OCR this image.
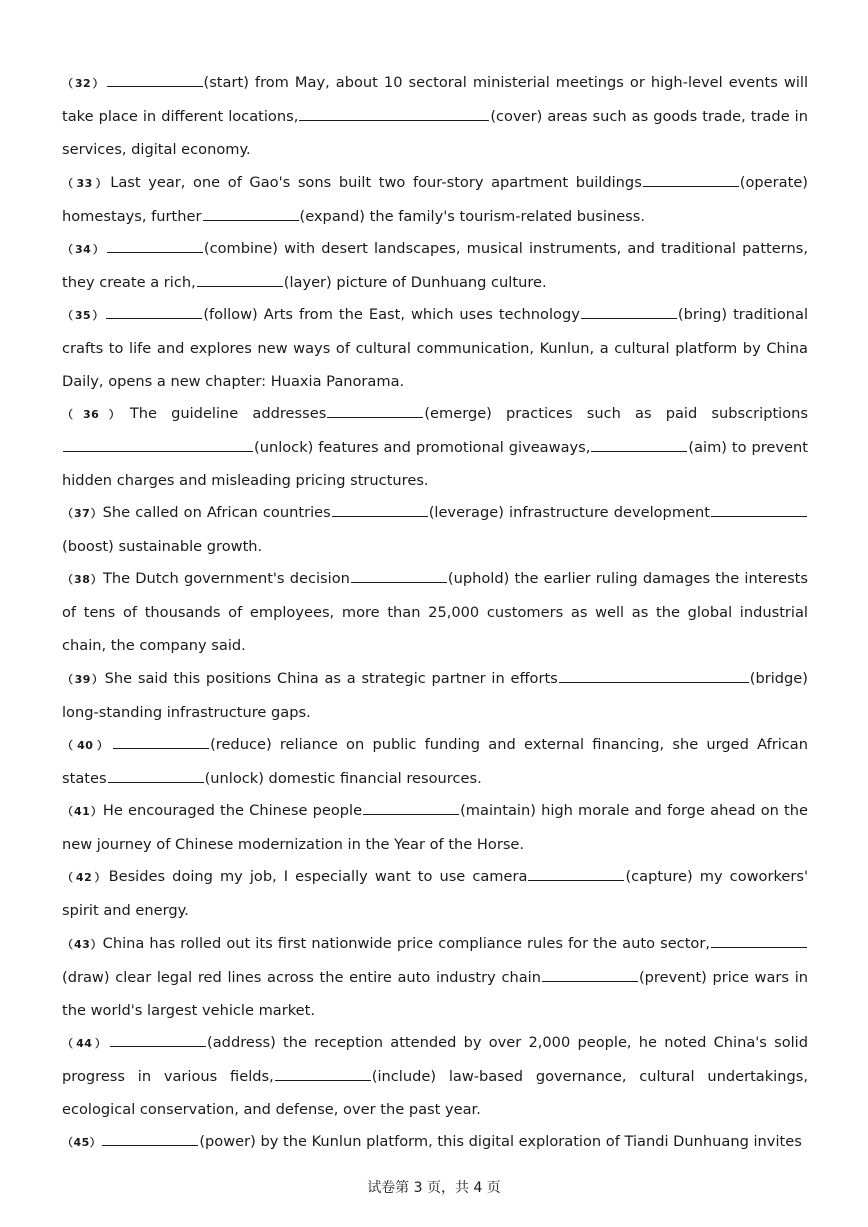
（32）	(start) from May, about 10 sectoral ministerial meetings or high-level events will take place in different locations,	(cover) areas such as goods trade, trade in services, digital economy.
（33）Last year, one of Gao's sons built two four-story apartment buildings	(operate) homestays, further	(expand) the family's tourism-related business.
（34）	(combine) with desert landscapes, musical instruments, and traditional patterns, they create a rich,	(layer) picture of Dunhuang culture.
（35）	(follow) Arts from the East, which uses technology	(bring) traditional crafts to life and explores new ways of cultural communication, Kunlun, a cultural platform by China Daily, opens a new chapter: Huaxia Panorama.
（36）The guideline addresses	(emerge) practices such as paid subscriptions(unlock) features and promotional giveaways,	(aim) to prevent hidden charges and misleading pricing structures.
（37）She called on African countries	(leverage) infrastructure development(boost) sustainable growth.
（38）The Dutch government's decision	(uphold) the earlier ruling damages the interests of tens of thousands of employees, more than 25,000 customers as well as the global industrial chain, the company said.
（39）She said this positions China as a strategic partner in efforts	(bridge) long-standing infrastructure gaps.
（40）	(reduce) reliance on public funding and external financing, she urged African states	(unlock) domestic financial resources.
（41）He encouraged the Chinese people	(maintain) high morale and forge ahead on the new journey of Chinese modernization in the Year of the Horse.
（42）Besides doing my job, I especially want to use camera	(capture) my coworkers' spirit and energy.
（43）China has rolled out its first nationwide price compliance rules for the auto sector,(draw) clear legal red lines across the entire auto industry chain	(prevent) price wars in the world's largest vehicle market.
（44）	(address) the reception attended by over 2,000 people, he noted China's solid progress in various fields,	(include) law-based governance, cultural undertakings, ecological conservation, and defense, over the past year.
（45）	(power) by the Kunlun platform, this digital exploration of Tiandi Dunhuang invites
试卷第 3 页，共 4 页
